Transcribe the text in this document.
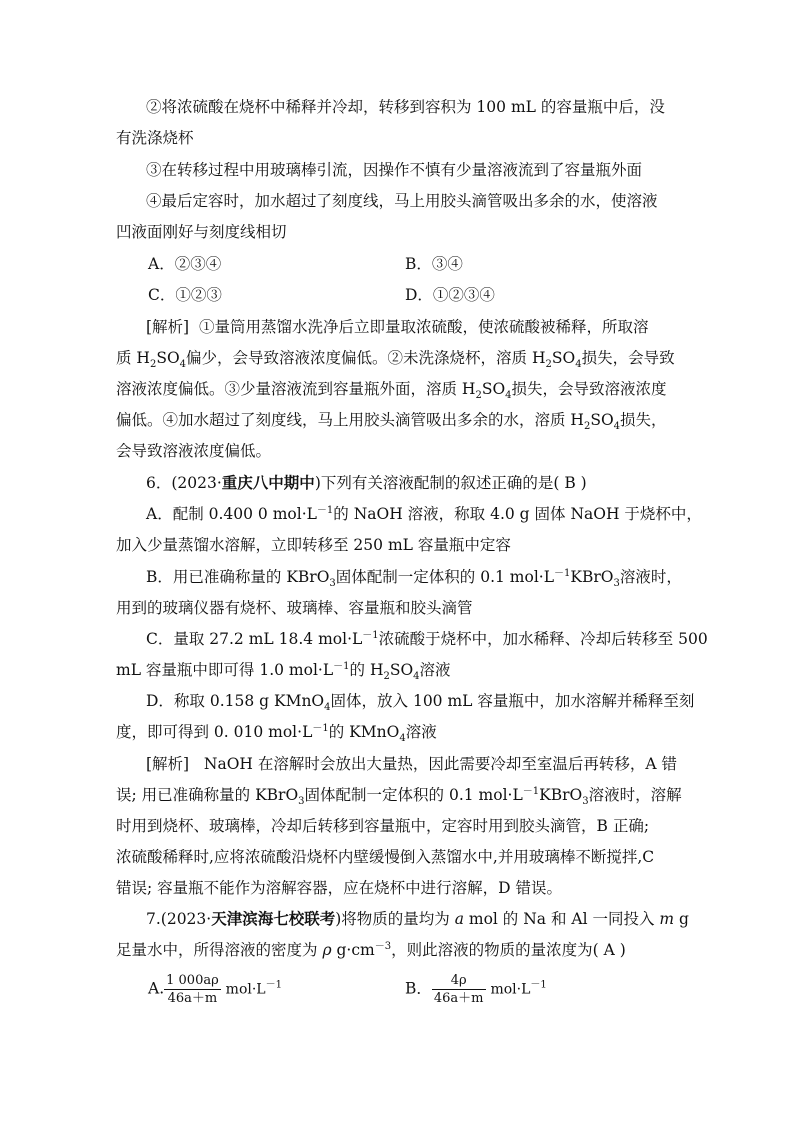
②将浓硫酸在烧杯中稀释并冷却，转移到容积为 100 mL 的容量瓶中后，没
有洗涤烧杯
③在转移过程中用玻璃棒引流，因操作不慎有少量溶液流到了容量瓶外面
④最后定容时，加水超过了刻度线，马上用胶头滴管吸出多余的水，使溶液
凹液面刚好与刻度线相切
A．②③④	B．③④
C．①②③	D．①②③④
[解析] ①量筒用蒸馏水洗净后立即量取浓硫酸，使浓硫酸被稀释，所取溶
质 $H_2SO_4$偏少，会导致溶液浓度偏低。②未洗涤烧杯，溶质 $H_2SO_4$损失，会导致
溶液浓度偏低。③少量溶液流到容量瓶外面，溶质 $H_2SO_4$损失，会导致溶液浓度
偏低。④加水超过了刻度线，马上用胶头滴管吸出多余的水，溶质 $H_2SO_4$损失，
会导致溶液浓度偏低。
6．(2023·重庆八中期中)下列有关溶液配制的叙述正确的是( B )
A．配制 0.400 0 $mol\cdot L^{-1}$的 NaOH 溶液，称取 4.0 g 固体 NaOH 于烧杯中，
加入少量蒸馏水溶解，立即转移至 250 mL 容量瓶中定容
B．用已准确称量的 KBrO$_3$固体配制一定体积的 0.1 $mol\cdot L^{-1}KBrO_3$溶液时，
用到的玻璃仪器有烧杯、玻璃棒、容量瓶和胶头滴管
C．量取 27.2 mL 18.4 $mol\cdot L^{-1}$浓硫酸于烧杯中，加水稀释、冷却后转移至 500
mL 容量瓶中即可得 1.0 $mol\cdot L^{-1}$的 $H_2SO_4$溶液
D．称取 0.158 g KMnO$_4$固体，放入 100 mL 容量瓶中，加水溶解并稀释至刻
度，即可得到 0. 010 $mol\cdot L^{-1}$的 KMnO$_4$溶液
[解析] NaOH 在溶解时会放出大量热，因此需要冷却至室温后再转移，A 错
误; 用已准确称量的 KBrO$_3$固体配制一定体积的 0.1 $mol\cdot L^{-1}KBrO_3$溶液时，溶解
时用到烧杯、玻璃棒，冷却后转移到容量瓶中，定容时用到胶头滴管，B 正确;
浓硫酸稀释时,应将浓硫酸沿烧杯内壁缓慢倒入蒸馏水中,并用玻璃棒不断搅拌,C
错误; 容量瓶不能作为溶解容器，应在烧杯中进行溶解，D 错误。
7.(2023·天津滨海七校联考)将物质的量均为 a mol 的 Na 和 Al 一同投入 m g
足量水中，所得溶液的密度为 ρ $g\cdot cm^{-3}$，则此溶液的物质的量浓度为( A )
A. $\frac{1 000a\rho}{46a+m} mol\cdot L^{-1}$	B． $\frac{4\rho}{46a+m} mol\cdot L^{-1}$
